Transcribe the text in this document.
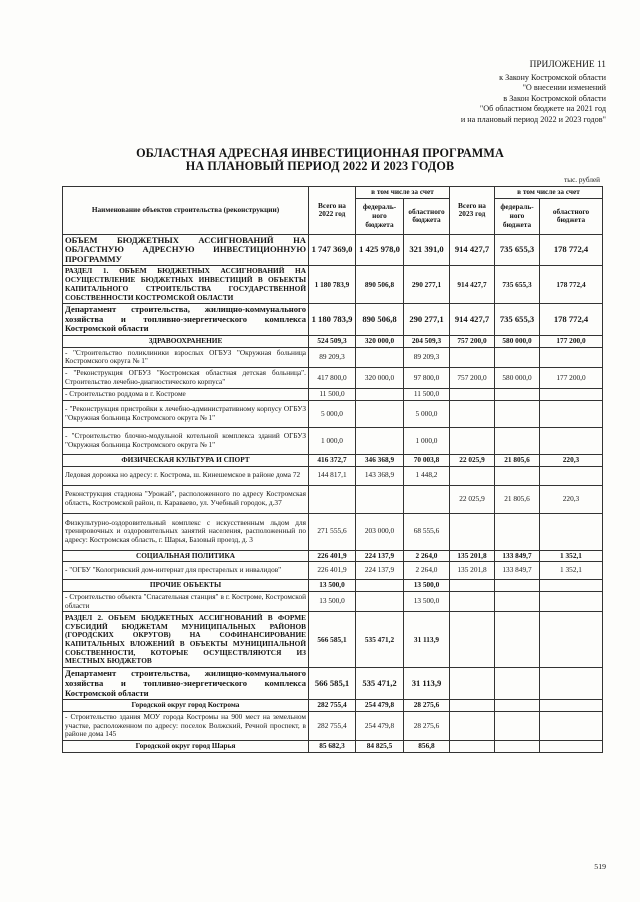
ПРИЛОЖЕНИЕ 11
к Закону Костромской области
"О внесении изменений
в Закон Костромской области
"Об областном бюджете на 2021 год
и на плановый период 2022 и 2023 годов"
ОБЛАСТНАЯ АДРЕСНАЯ ИНВЕСТИЦИОННАЯ ПРОГРАММА
НА ПЛАНОВЫЙ ПЕРИОД 2022 И 2023 ГОДОВ
тыс. рублей
Наименование объектов строительства (реконструкции)	Всего на 2022 год	в том числе за счет		Всего на 2023 год	в том числе за счет	
		федераль-ного бюджета	областного бюджета		федераль-ного бюджета	областного бюджета
ОБЪЕМ БЮДЖЕТНЫХ АССИГНОВАНИЙ НА ОБЛАСТНУЮ АДРЕСНУЮ ИНВЕСТИЦИОННУЮ ПРОГРАММУ	1 747 369,0	1 425 978,0	321 391,0	914 427,7	735 655,3	178 772,4
РАЗДЕЛ 1. ОБЪЕМ БЮДЖЕТНЫХ АССИГНОВАНИЙ НА ОСУЩЕСТВЛЕНИЕ БЮДЖЕТНЫХ ИНВЕСТИЦИЙ В ОБЪЕКТЫ КАПИТАЛЬНОГО СТРОИТЕЛЬСТВА ГОСУДАРСТВЕННОЙ СОБСТВЕННОСТИ КОСТРОМСКОЙ ОБЛАСТИ	1 180 783,9	890 506,8	290 277,1	914 427,7	735 655,3	178 772,4
Департамент строительства, жилищно-коммунального хозяйства и топливно-энергетического комплекса Костромской области	1 180 783,9	890 506,8	290 277,1	914 427,7	735 655,3	178 772,4
ЗДРАВООХРАНЕНИЕ	524 509,3	320 000,0	204 509,3	757 200,0	580 000,0	177 200,0
- "Строительство поликлиники взрослых ОГБУЗ "Окружная больница Костромского округа № 1"	89 209,3		89 209,3			
- "Реконструкция ОГБУЗ "Костромская областная детская больница". Строительство лечебно-диагностического корпуса"	417 800,0	320 000,0	97 800,0	757 200,0	580 000,0	177 200,0
- Строительство роддома в г. Костроме	11 500,0		11 500,0			
- "Реконструкция пристройки к лечебно-административному корпусу ОГБУЗ "Окружная больница Костромского округа № 1"	5 000,0		5 000,0			
- "Строительство блочно-модульной котельной комплекса зданий ОГБУЗ "Окружная больница Костромского округа № 1"	1 000,0		1 000,0			
ФИЗИЧЕСКАЯ КУЛЬТУРА И СПОРТ	416 372,7	346 368,9	70 003,8	22 025,9	21 805,6	220,3
Ледовая дорожка но адресу: г. Кострома, ш. Кинешемское в районе дома 72	144 817,1	143 368,9	1 448,2			
Реконструкция стадиона "Урожай", расположенного по адресу Костромская область, Костромской район, п. Караваево, ул. Учебный городок, д.37				22 025,9	21 805,6	220,3
Физкультурно-оздоровительный комплекс с искусственным льдом для тренировочных и оздоровительных занятий населения, расположенный по адресу: Костромская область, г. Шарья, Базовый проезд, д. 3	271 555,6	203 000,0	68 555,6			
СОЦИАЛЬНАЯ ПОЛИТИКА	226 401,9	224 137,9	2 264,0	135 201,8	133 849,7	1 352,1
- "ОГБУ "Кологривский дом-интернат для престарелых и инвалидов"	226 401,9	224 137,9	2 264,0	135 201,8	133 849,7	1 352,1
ПРОЧИЕ ОБЪЕКТЫ	13 500,0		13 500,0			
- Строительство объекта "Спасательная станция" в г. Костроме, Костромской области	13 500,0		13 500,0			
РАЗДЕЛ 2. ОБЪЕМ БЮДЖЕТНЫХ АССИГНОВАНИЙ В ФОРМЕ СУБСИДИЙ БЮДЖЕТАМ МУНИЦИПАЛЬНЫХ РАЙОНОВ (ГОРОДСКИХ ОКРУГОВ) НА СОФИНАНСИРОВАНИЕ КАПИТАЛЬНЫХ ВЛОЖЕНИЙ В ОБЪЕКТЫ МУНИЦИПАЛЬНОЙ СОБСТВЕННОСТИ, КОТОРЫЕ ОСУЩЕСТВЛЯЮТСЯ ИЗ МЕСТНЫХ БЮДЖЕТОВ	566 585,1	535 471,2	31 113,9			
Департамент строительства, жилищно-коммунального хозяйства и топливно-энергетического комплекса Костромской области	566 585,1	535 471,2	31 113,9			
Городской округ город Кострома	282 755,4	254 479,8	28 275,6			
- Строительство здания МОУ города Костромы на 900 мест на земельном участке, расположенном по адресу: поселок Волжский, Речной проспект, в районе дома 145	282 755,4	254 479,8	28 275,6			
Городской округ город Шарья	85 682,3	84 825,5	856,8			
519
